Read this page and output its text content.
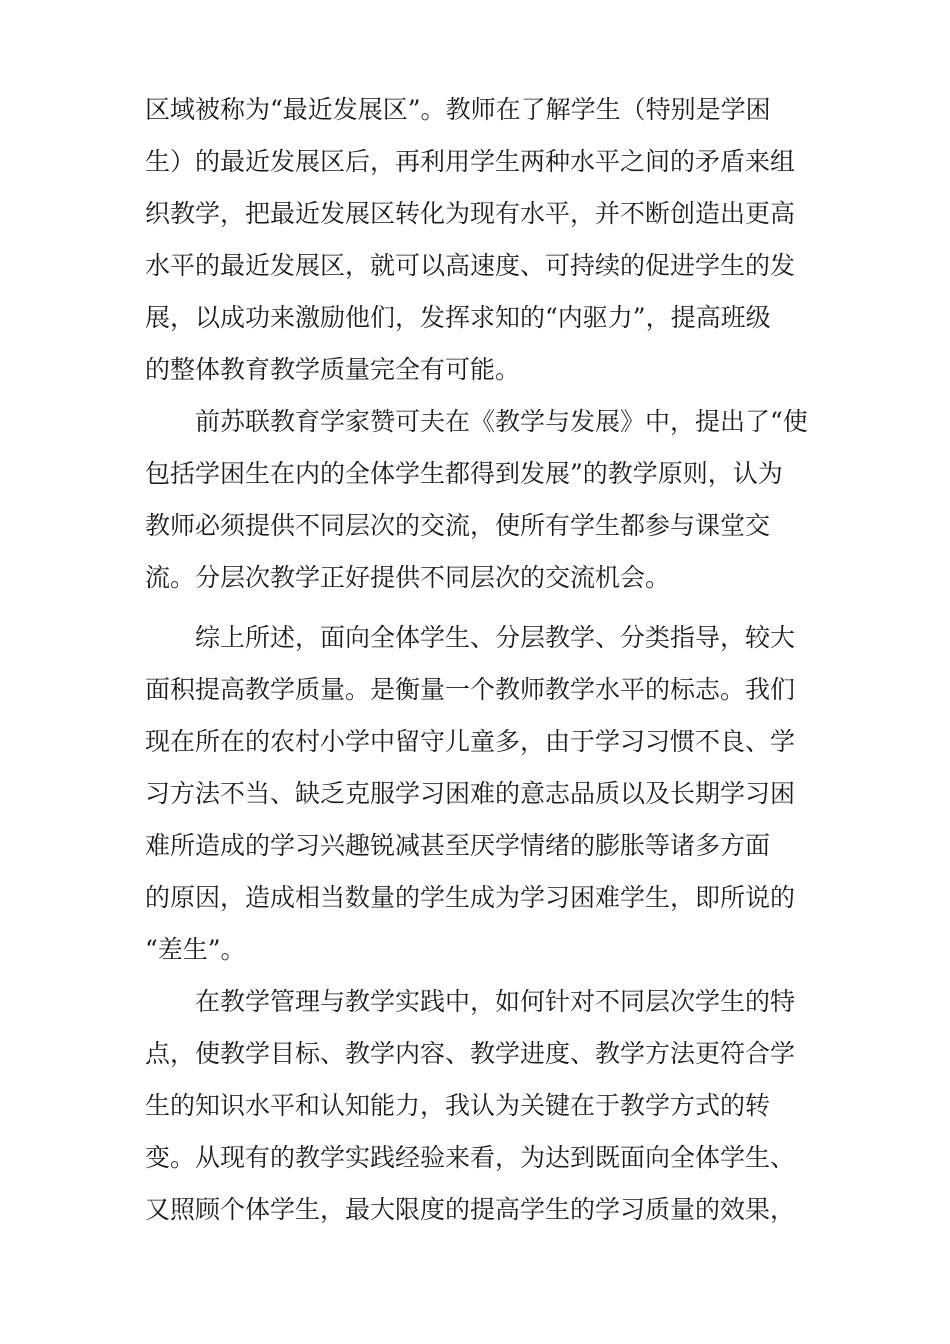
区域被称为“最近发展区”。教师在了解学生（特别是学困
生）的最近发展区后，再利用学生两种水平之间的矛盾来组
织教学，把最近发展区转化为现有水平，并不断创造出更高
水平的最近发展区，就可以高速度、可持续的促进学生的发
展，以成功来激励他们，发挥求知的“内驱力”，提高班级
的整体教育教学质量完全有可能。
前苏联教育学家赞可夫在《教学与发展》中，提出了“使
包括学困生在内的全体学生都得到发展”的教学原则，认为
教师必须提供不同层次的交流，使所有学生都参与课堂交
流。分层次教学正好提供不同层次的交流机会。
综上所述，面向全体学生、分层教学、分类指导，较大
面积提高教学质量。是衡量一个教师教学水平的标志。我们
现在所在的农村小学中留守儿童多，由于学习习惯不良、学
习方法不当、缺乏克服学习困难的意志品质以及长期学习困
难所造成的学习兴趣锐减甚至厌学情绪的膨胀等诸多方面
的原因，造成相当数量的学生成为学习困难学生，即所说的
“差生”。
在教学管理与教学实践中，如何针对不同层次学生的特
点，使教学目标、教学内容、教学进度、教学方法更符合学
生的知识水平和认知能力，我认为关键在于教学方式的转
变。从现有的教学实践经验来看，为达到既面向全体学生、
又照顾个体学生，最大限度的提高学生的学习质量的效果，
